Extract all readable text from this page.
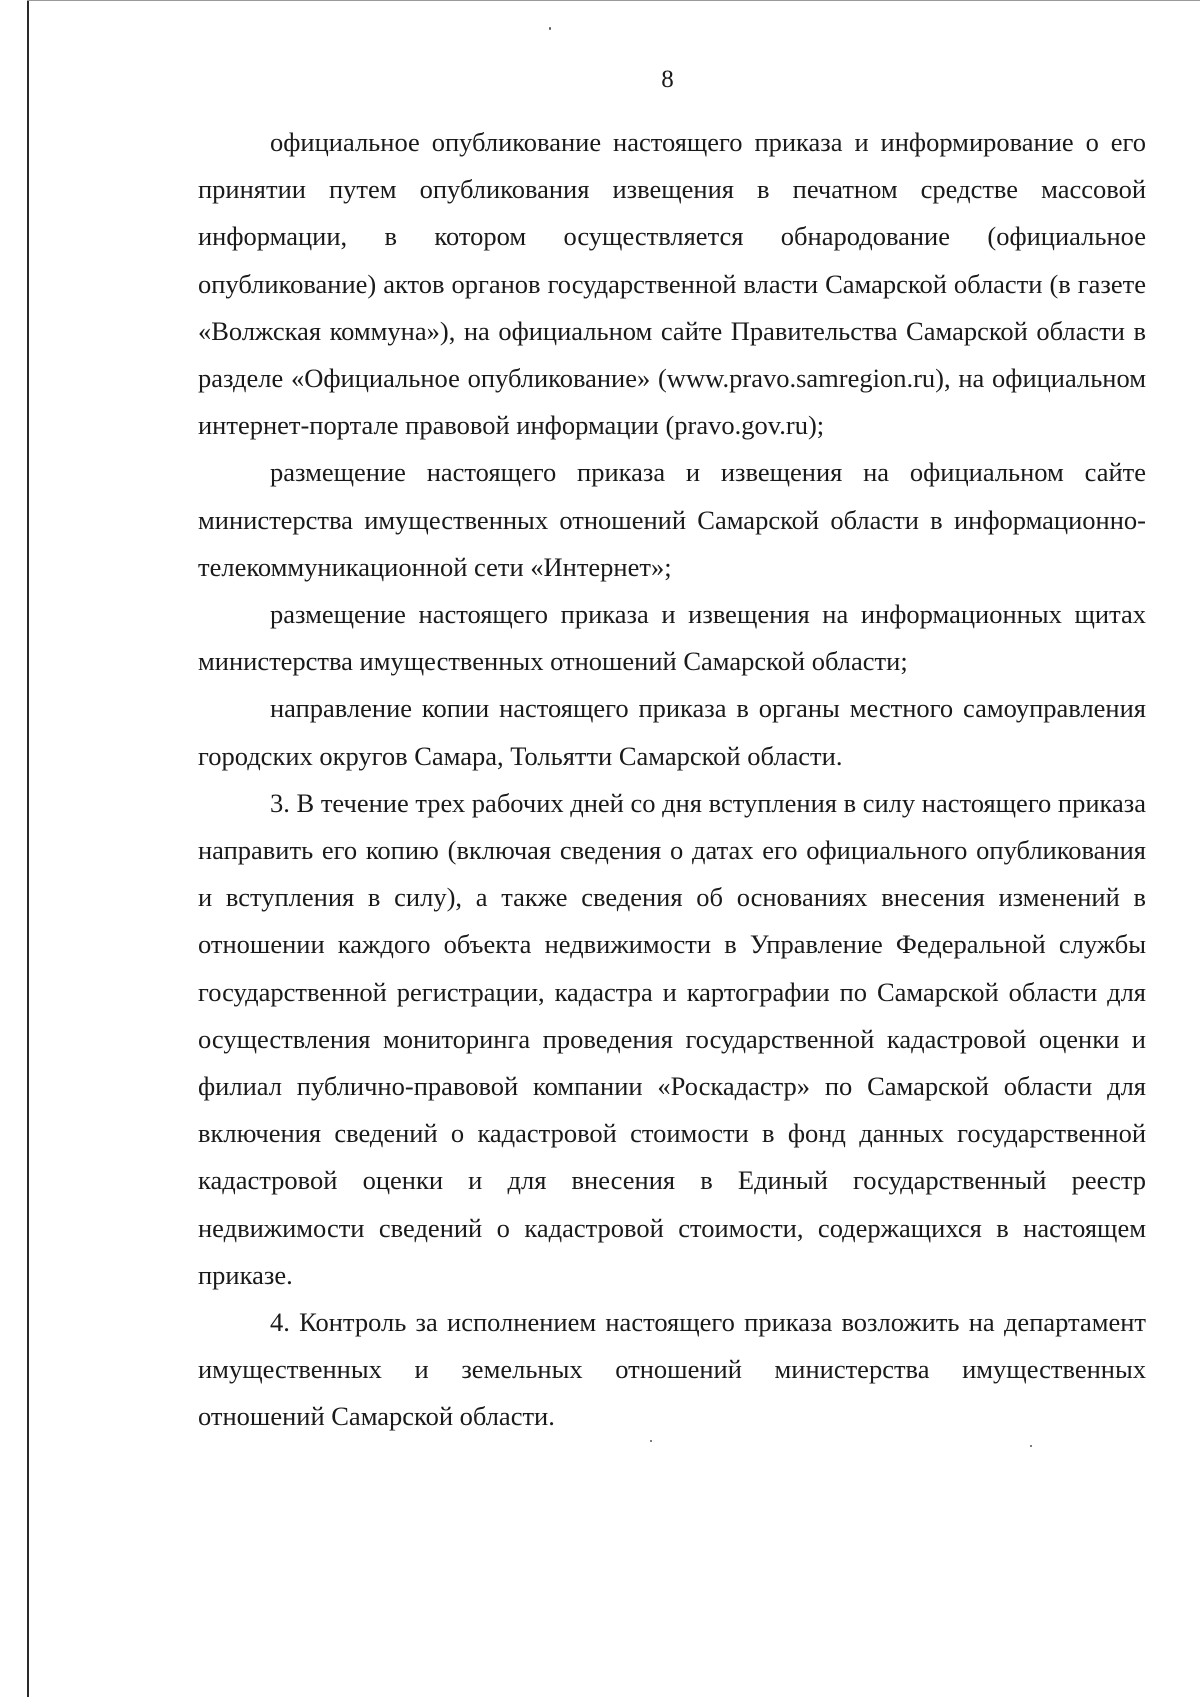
8

официальное опубликование настоящего приказа и информирование о его принятии путем опубликования извещения в печатном средстве массовой информации, в котором осуществляется обнародование (официальное опубликование) актов органов государственной власти Самарской области (в газете «Волжская коммуна»), на официальном сайте Правительства Самарской области в разделе «Официальное опубликование» (www.pravo.samregion.ru), на официальном интернет-портале правовой информации (pravo.gov.ru);

размещение настоящего приказа и извещения на официальном сайте министерства имущественных отношений Самарской области в информационно-телекоммуникационной сети «Интернет»;

размещение настоящего приказа и извещения на информационных щитах министерства имущественных отношений Самарской области;

направление копии настоящего приказа в органы местного самоуправления городских округов Самара, Тольятти Самарской области.

3. В течение трех рабочих дней со дня вступления в силу настоящего приказа направить его копию (включая сведения о датах его официального опубликования и вступления в силу), а также сведения об основаниях внесения изменений в отношении каждого объекта недвижимости в Управление Федеральной службы государственной регистрации, кадастра и картографии по Самарской области для осуществления мониторинга проведения государственной кадастровой оценки и филиал публично-правовой компании «Роскадастр» по Самарской области для включения сведений о кадастровой стоимости в фонд данных государственной кадастровой оценки и для внесения в Единый государственный реестр недвижимости сведений о кадастровой стоимости, содержащихся в настоящем приказе.

4. Контроль за исполнением настоящего приказа возложить на департамент имущественных и земельных отношений министерства имущественных отношений Самарской области.
